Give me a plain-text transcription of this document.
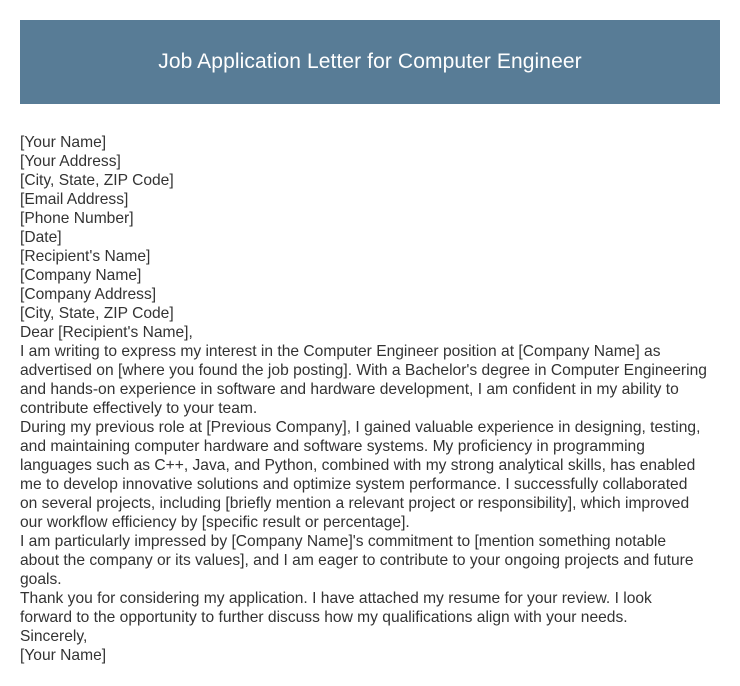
Job Application Letter for Computer Engineer
[Your Name]
[Your Address]
[City, State, ZIP Code]
[Email Address]
[Phone Number]
[Date]
[Recipient's Name]
[Company Name]
[Company Address]
[City, State, ZIP Code]
Dear [Recipient's Name],
I am writing to express my interest in the Computer Engineer position at [Company Name] as
advertised on [where you found the job posting]. With a Bachelor's degree in Computer Engineering
and hands-on experience in software and hardware development, I am confident in my ability to
contribute effectively to your team.
During my previous role at [Previous Company], I gained valuable experience in designing, testing,
and maintaining computer hardware and software systems. My proficiency in programming
languages such as C++, Java, and Python, combined with my strong analytical skills, has enabled
me to develop innovative solutions and optimize system performance. I successfully collaborated
on several projects, including [briefly mention a relevant project or responsibility], which improved
our workflow efficiency by [specific result or percentage].
I am particularly impressed by [Company Name]'s commitment to [mention something notable
about the company or its values], and I am eager to contribute to your ongoing projects and future
goals.
Thank you for considering my application. I have attached my resume for your review. I look
forward to the opportunity to further discuss how my qualifications align with your needs.
Sincerely,
[Your Name]
